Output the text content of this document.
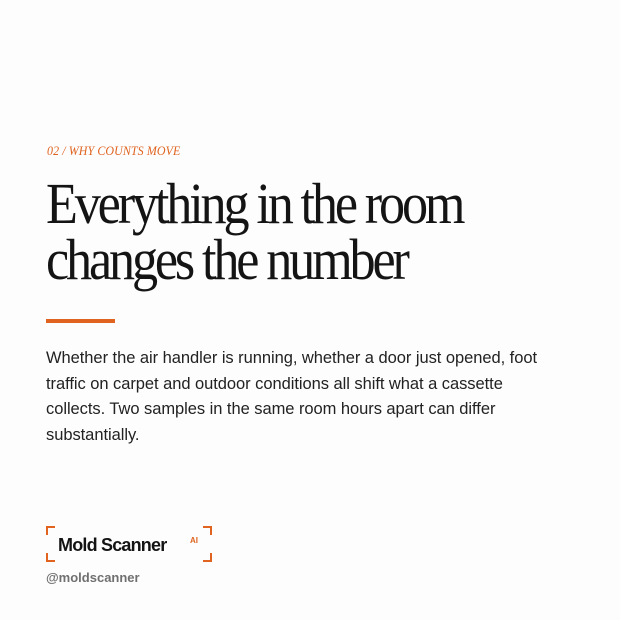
02 / WHY COUNTS MOVE
Everything in the room
changes the number

Whether the air handler is running, whether a door just opened, foot traffic on carpet and outdoor conditions all shift what a cassette collects. Two samples in the same room hours apart can differ substantially.

Mold Scanner	AI
@moldscanner
